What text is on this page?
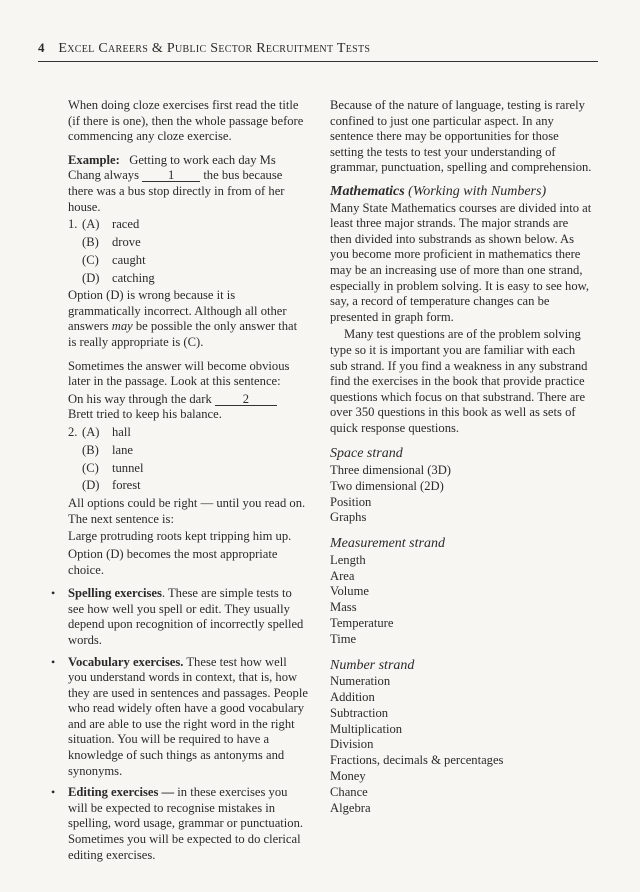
4 Excel Careers & Public Sector Recruitment Tests

When doing cloze exercises first read the title (if there is one), then the whole passage before commencing any cloze exercise.

Example: Getting to work each day Ms Chang always 1 the bus because there was a bus stop directly in from of her house.

1. (A) raced
(B)	drove
(C)	caught
(D) catching

Option (D) is wrong because it is grammatically incorrect. Although all other answers may be possible the only answer that is really appropriate is (C).

Sometimes the answer will become obvious later in the passage. Look at this sentence:

On his way through the dark 2
Brett tried to keep his balance.

2. (A) hall
(B)	lane
(C)	tunnel
(D) forest

All options could be right — until you read on. The next sentence is:

Large protruding roots kept tripping him up.

Option (D) becomes the most appropriate choice.

• Spelling exercises. These are simple tests to see how well you spell or edit. They usually depend upon recognition of incorrectly spelled words.
• Vocabulary exercises. These test how well you understand words in context, that is, how they are used in sentences and passages. People who read widely often have a good vocabulary and are able to use the right word in the right situation. You will be required to have a knowledge of such things as antonyms and synonyms.
• Editing exercises — in these exercises you will be expected to recognise mistakes in spelling, word usage, grammar or punctuation. Sometimes you will be expected to do clerical editing exercises.

Because of the nature of language, testing is rarely confined to just one particular aspect. In any sentence there may be opportunities for those setting the tests to test your understanding of grammar, punctuation, spelling and comprehension.

Mathematics (Working with Numbers)

Many State Mathematics courses are divided into at least three major strands. The major strands are then divided into substrands as shown below. As you become more proficient in mathematics there may be an increasing use of more than one strand, especially in problem solving. It is easy to see how, say, a record of temperature changes can be presented in graph form.

Many test questions are of the problem solving type so it is important you are familiar with each sub strand. If you find a weakness in any substrand find the exercises in the book that provide practice questions which focus on that substrand. There are over 350 questions in this book as well as sets of quick response questions.

Space strand
Three dimensional (3D)
Two dimensional (2D)
Position
Graphs
Measurement strand
Length
Area
Volume
Mass
Temperature
Time
Number strand
Numeration
Addition
Subtraction
Multiplication
Division
Fractions, decimals & percentages
Money
Chance
Algebra
